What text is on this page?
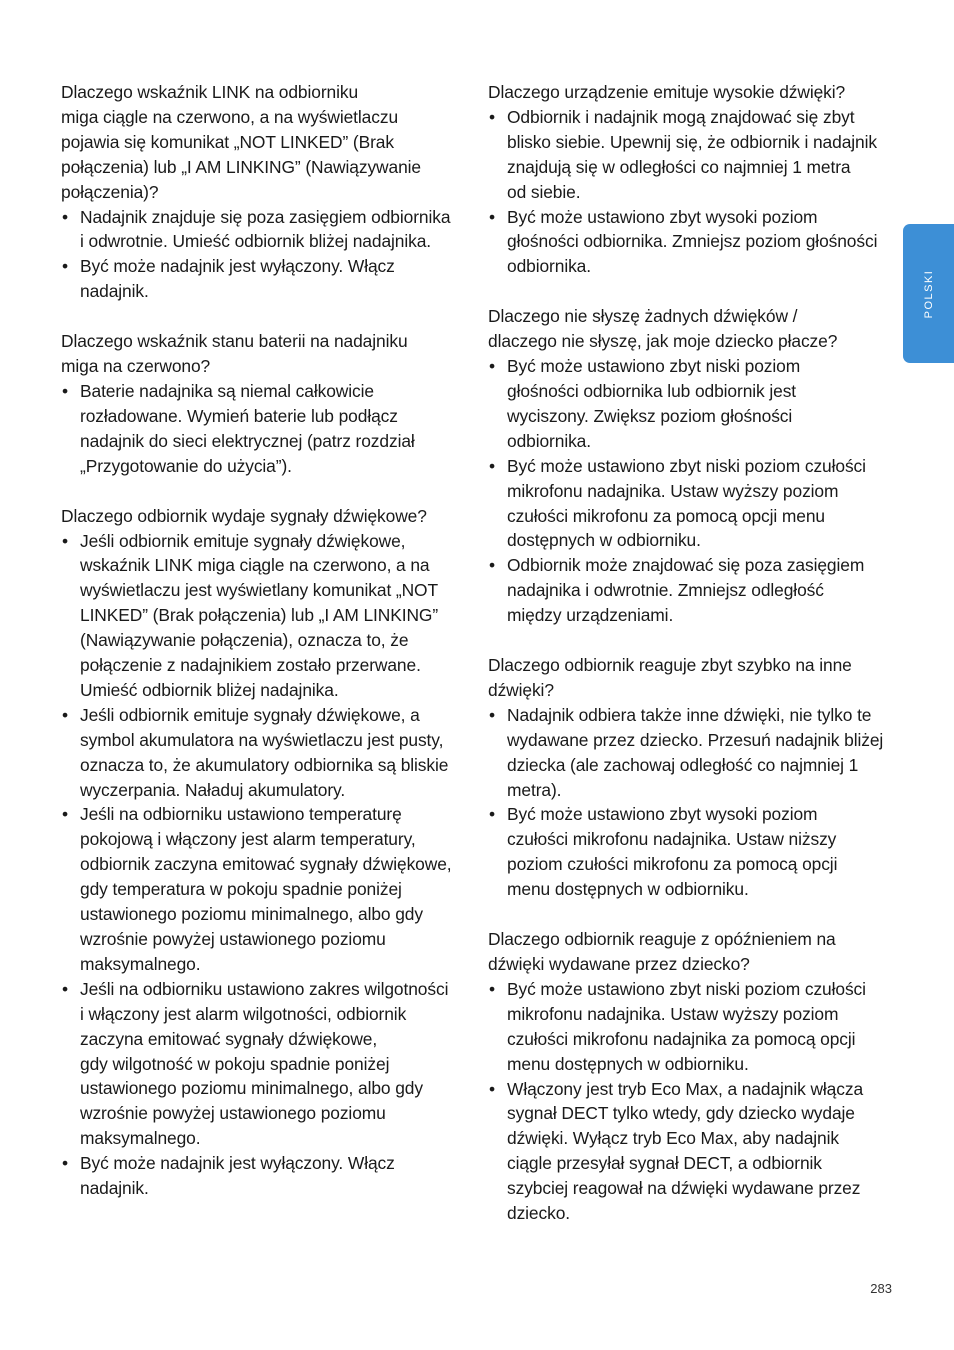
Dlaczego wskaźnik LINK na odbiorniku
miga ciągle na czerwono, a na wyświetlaczu
pojawia się komunikat „NOT LINKED” (Brak
połączenia) lub „I AM LINKING” (Nawiązywanie
połączenia)?

• Nadajnik znajduje się poza zasięgiem odbiornika
i odwrotnie. Umieść odbiornik bliżej nadajnika.
• Być może nadajnik jest wyłączony. Włącz
nadajnik.

Dlaczego wskaźnik stanu baterii na nadajniku
miga na czerwono?

• Baterie nadajnika są niemal całkowicie
rozładowane. Wymień baterie lub podłącz
nadajnik do sieci elektrycznej (patrz rozdział
„Przygotowanie do użycia”).

Dlaczego odbiornik wydaje sygnały dźwiękowe?

• Jeśli odbiornik emituje sygnały dźwiękowe,
wskaźnik LINK miga ciągle na czerwono, a na
wyświetlaczu jest wyświetlany komunikat „NOT
LINKED” (Brak połączenia) lub „I AM LINKING”
(Nawiązywanie połączenia), oznacza to, że
połączenie z nadajnikiem zostało przerwane.
Umieść odbiornik bliżej nadajnika.
• Jeśli odbiornik emituje sygnały dźwiękowe, a
symbol akumulatora na wyświetlaczu jest pusty,
oznacza to, że akumulatory odbiornika są bliskie
wyczerpania. Naładuj akumulatory.
• Jeśli na odbiorniku ustawiono temperaturę
pokojową i włączony jest alarm temperatury,
odbiornik zaczyna emitować sygnały dźwiękowe,
gdy temperatura w pokoju spadnie poniżej
ustawionego poziomu minimalnego, albo gdy
wzrośnie powyżej ustawionego poziomu
maksymalnego.
• Jeśli na odbiorniku ustawiono zakres wilgotności
i włączony jest alarm wilgotności, odbiornik
zaczyna emitować sygnały dźwiękowe,
gdy wilgotność w pokoju spadnie poniżej
ustawionego poziomu minimalnego, albo gdy
wzrośnie powyżej ustawionego poziomu
maksymalnego.
• Być może nadajnik jest wyłączony. Włącz
nadajnik.

Dlaczego urządzenie emituje wysokie dźwięki?

• Odbiornik i nadajnik mogą znajdować się zbyt
blisko siebie. Upewnij się, że odbiornik i nadajnik
znajdują się w odległości co najmniej 1 metra
od siebie.
• Być może ustawiono zbyt wysoki poziom
głośności odbiornika. Zmniejsz poziom głośności
odbiornika.

Dlaczego nie słyszę żadnych dźwięków /
dlaczego nie słyszę, jak moje dziecko płacze?

• Być może ustawiono zbyt niski poziom
głośności odbiornika lub odbiornik jest
wyciszony. Zwiększ poziom głośności
odbiornika.
• Być może ustawiono zbyt niski poziom czułości
mikrofonu nadajnika. Ustaw wyższy poziom
czułości mikrofonu za pomocą opcji menu
dostępnych w odbiorniku.
• Odbiornik może znajdować się poza zasięgiem
nadajnika i odwrotnie. Zmniejsz odległość
między urządzeniami.

Dlaczego odbiornik reaguje zbyt szybko na inne
dźwięki?

• Nadajnik odbiera także inne dźwięki, nie tylko te
wydawane przez dziecko. Przesuń nadajnik bliżej
dziecka (ale zachowaj odległość co najmniej 1
metra).
• Być może ustawiono zbyt wysoki poziom
czułości mikrofonu nadajnika. Ustaw niższy
poziom czułości mikrofonu za pomocą opcji
menu dostępnych w odbiorniku.

Dlaczego odbiornik reaguje z opóźnieniem na
dźwięki wydawane przez dziecko?

• Być może ustawiono zbyt niski poziom czułości
mikrofonu nadajnika. Ustaw wyższy poziom
czułości mikrofonu nadajnika za pomocą opcji
menu dostępnych w odbiorniku.
• Włączony jest tryb Eco Max, a nadajnik włącza
sygnał DECT tylko wtedy, gdy dziecko wydaje
dźwięki. Wyłącz tryb Eco Max, aby nadajnik
ciągle przesyłał sygnał DECT, a odbiornik
szybciej reagował na dźwięki wydawane przez
dziecko.
POLSKI
283
